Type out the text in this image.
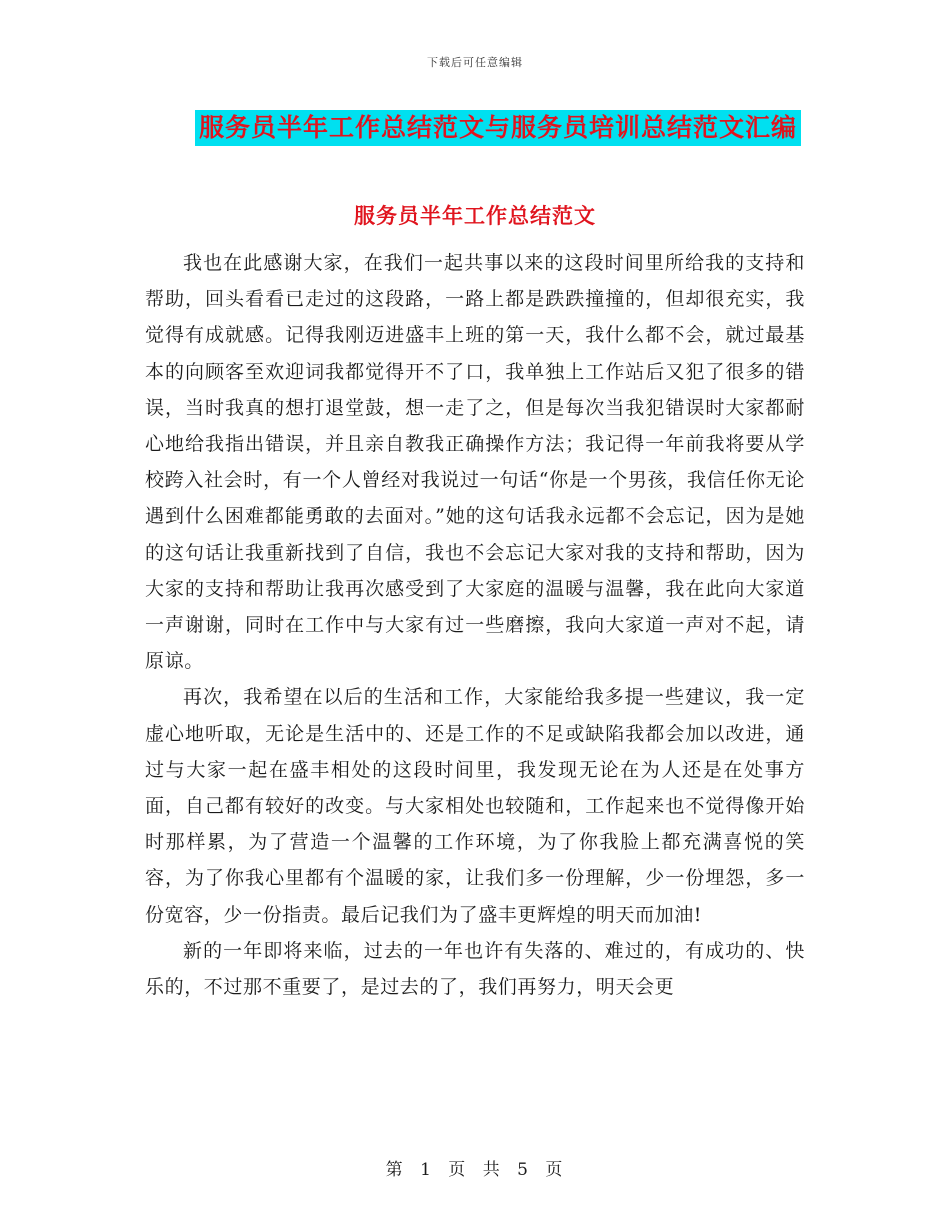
下载后可任意编辑
服务员半年工作总结范文与服务员培训总结范文汇编
服务员半年工作总结范文

我也在此感谢大家，在我们一起共事以来的这段时间里所给我的支持和帮助，回头看看已走过的这段路，一路上都是跌跌撞撞的，但却很充实，我觉得有成就感。记得我刚迈进盛丰上班的第一天，我什么都不会，就过最基本的向顾客至欢迎词我都觉得开不了口，我单独上工作站后又犯了很多的错误，当时我真的想打退堂鼓，想一走了之，但是每次当我犯错误时大家都耐心地给我指出错误，并且亲自教我正确操作方法；我记得一年前我将要从学校跨入社会时，有一个人曾经对我说过一句话“你是一个男孩，我信任你无论遇到什么困难都能勇敢的去面对。”她的这句话我永远都不会忘记，因为是她的这句话让我重新找到了自信，我也不会忘记大家对我的支持和帮助，因为大家的支持和帮助让我再次感受到了大家庭的温暖与温馨，我在此向大家道一声谢谢，同时在工作中与大家有过一些磨擦，我向大家道一声对不起，请原谅。

再次，我希望在以后的生活和工作，大家能给我多提一些建议，我一定虚心地听取，无论是生活中的、还是工作的不足或缺陷我都会加以改进，通过与大家一起在盛丰相处的这段时间里，我发现无论在为人还是在处事方面，自己都有较好的改变。与大家相处也较随和，工作起来也不觉得像开始时那样累，为了营造一个温馨的工作环境，为了你我脸上都充满喜悦的笑容，为了你我心里都有个温暖的家，让我们多一份理解，少一份埋怨，多一份宽容，少一份指责。最后记我们为了盛丰更辉煌的明天而加油!

新的一年即将来临，过去的一年也许有失落的、难过的，有成功的、快乐的，不过那不重要了，是过去的了，我们再努力，明天会更

第 1 页 共 5 页
